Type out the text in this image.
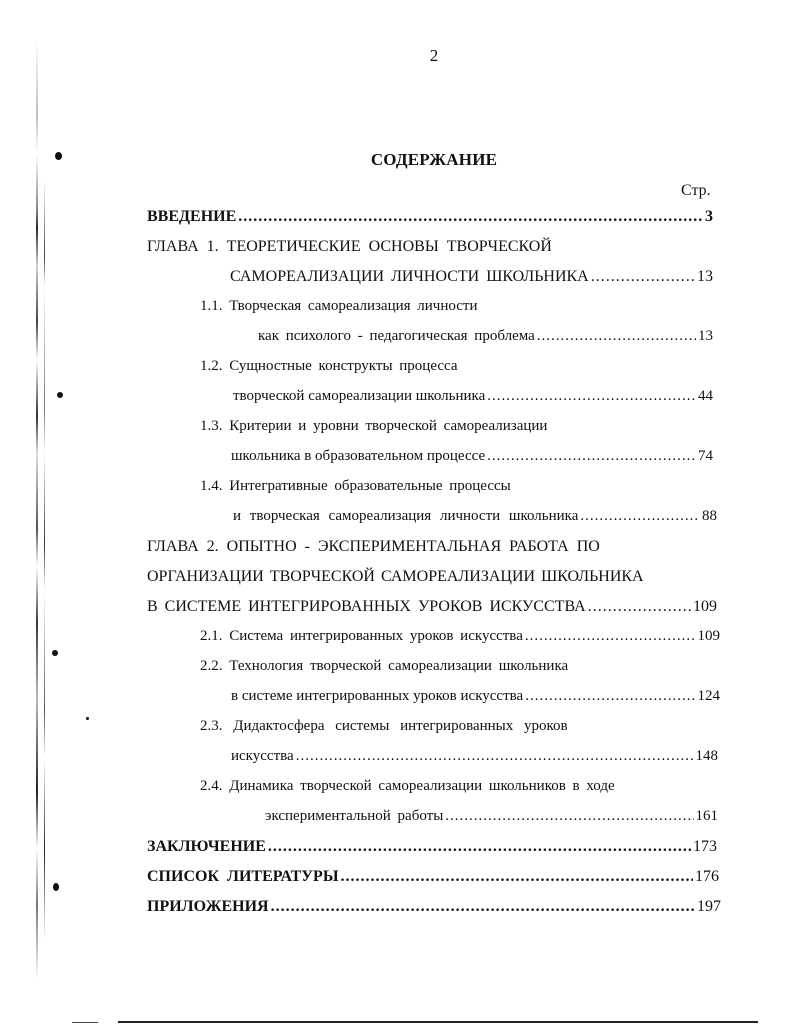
2
СОДЕРЖАНИЕ
Стр.
ВВЕДЕНИЕ .....	3
ГЛАВА 1. ТЕОРЕТИЧЕСКИЕ ОСНОВЫ ТВОРЧЕСКОЙ
САМОРЕАЛИЗАЦИИ ЛИЧНОСТИ ШКОЛЬНИКА .....	13
1.1. Творческая самореализация личности
как психолого - педагогическая проблема .....	13
1.2. Сущностные конструкты процесса
творческой самореализации школьника .....	44
1.3. Критерии и уровни творческой самореализации
школьника в образовательном процессе .....	74
1.4. Интегративные образовательные процессы
и творческая самореализация личности школьника .....	88
ГЛАВА 2. ОПЫТНО - ЭКСПЕРИМЕНТАЛЬНАЯ РАБОТА ПО
ОРГАНИЗАЦИИ ТВОРЧЕСКОЙ САМОРЕАЛИЗАЦИИ ШКОЛЬНИКА
В СИСТЕМЕ ИНТЕГРИРОВАННЫХ УРОКОВ ИСКУССТВА .....	109
2.1. Система интегрированных уроков искусства .....	109
2.2. Технология творческой самореализации школьника
в системе интегрированных уроков искусства .....	124
2.3. Дидактосфера системы интегрированных уроков
искусства .....	148
2.4. Динамика творческой самореализации школьников в ходе
экспериментальной работы .....	161
ЗАКЛЮЧЕНИЕ .....	173
СПИСОК ЛИТЕРАТУРЫ .....	176
ПРИЛОЖЕНИЯ .....	197
